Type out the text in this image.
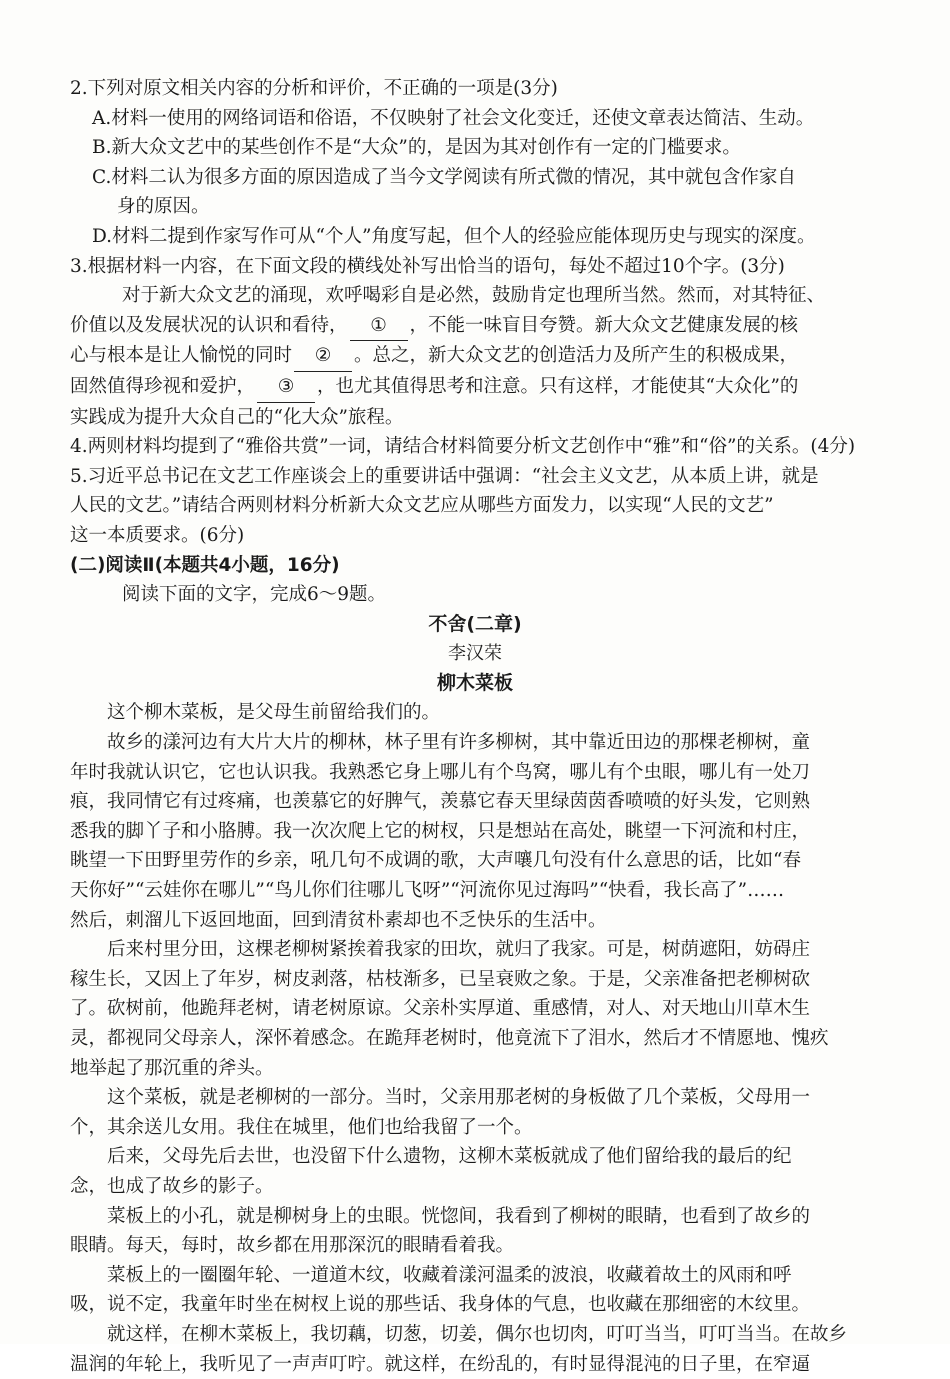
2.下列对原文相关内容的分析和评价，不正确的一项是(3分)
A.材料一使用的网络词语和俗语，不仅映射了社会文化变迁，还使文章表达简洁、生动。
B.新大众文艺中的某些创作不是“大众”的，是因为其对创作有一定的门槛要求。
C.材料二认为很多方面的原因造成了当今文学阅读有所式微的情况，其中就包含作家自
身的原因。
D.材料二提到作家写作可从“个人”角度写起，但个人的经验应能体现历史与现实的深度。
3.根据材料一内容，在下面文段的横线处补写出恰当的语句，每处不超过10个字。(3分)
对于新大众文艺的涌现，欢呼喝彩自是必然，鼓励肯定也理所当然。然而，对其特征、
价值以及发展状况的认识和看待， ① ，不能一味盲目夸赞。新大众文艺健康发展的核
心与根本是让人愉悦的同时 ② 。总之，新大众文艺的创造活力及所产生的积极成果，
固然值得珍视和爱护， ③ ，也尤其值得思考和注意。只有这样，才能使其“大众化”的
实践成为提升大众自己的“化大众”旅程。
4.两则材料均提到了“雅俗共赏”一词，请结合材料简要分析文艺创作中“雅”和“俗”的关系。(4分)
5.习近平总书记在文艺工作座谈会上的重要讲话中强调：“社会主义文艺，从本质上讲，就是
人民的文艺。”请结合两则材料分析新大众文艺应从哪些方面发力，以实现“人民的文艺”
这一本质要求。(6分)
(二)阅读Ⅱ(本题共4小题，16分)
阅读下面的文字，完成6～9题。
不舍(二章)
李汉荣
柳木菜板
这个柳木菜板，是父母生前留给我们的。
故乡的漾河边有大片大片的柳林，林子里有许多柳树，其中靠近田边的那棵老柳树，童
年时我就认识它，它也认识我。我熟悉它身上哪儿有个鸟窝，哪儿有个虫眼，哪儿有一处刀
痕，我同情它有过疼痛，也羡慕它的好脾气，羡慕它春天里绿茵茵香喷喷的好头发，它则熟
悉我的脚丫子和小胳膊。我一次次爬上它的树杈，只是想站在高处，眺望一下河流和村庄，
眺望一下田野里劳作的乡亲，吼几句不成调的歌，大声嚷几句没有什么意思的话，比如“春
天你好”“云娃你在哪儿”“鸟儿你们往哪儿飞呀”“河流你见过海吗”“快看，我长高了”……
然后，刺溜儿下返回地面，回到清贫朴素却也不乏快乐的生活中。
后来村里分田，这棵老柳树紧挨着我家的田坎，就归了我家。可是，树荫遮阳，妨碍庄
稼生长，又因上了年岁，树皮剥落，枯枝渐多，已呈衰败之象。于是，父亲准备把老柳树砍
了。砍树前，他跪拜老树，请老树原谅。父亲朴实厚道、重感情，对人、对天地山川草木生
灵，都视同父母亲人，深怀着感念。在跪拜老树时，他竟流下了泪水，然后才不情愿地、愧疚
地举起了那沉重的斧头。
这个菜板，就是老柳树的一部分。当时，父亲用那老树的身板做了几个菜板，父母用一
个，其余送儿女用。我住在城里，他们也给我留了一个。
后来，父母先后去世，也没留下什么遗物，这柳木菜板就成了他们留给我的最后的纪
念，也成了故乡的影子。
菜板上的小孔，就是柳树身上的虫眼。恍惚间，我看到了柳树的眼睛，也看到了故乡的
眼睛。每天，每时，故乡都在用那深沉的眼睛看着我。
菜板上的一圈圈年轮、一道道木纹，收藏着漾河温柔的波浪，收藏着故土的风雨和呼
吸，说不定，我童年时坐在树杈上说的那些话、我身体的气息，也收藏在那细密的木纹里。
就这样，在柳木菜板上，我切藕，切葱，切姜，偶尔也切肉，叮叮当当，叮叮当当。在故乡
温润的年轮上，我听见了一声声叮咛。就这样，在纷乱的，有时显得混沌的日子里，在窄逼
